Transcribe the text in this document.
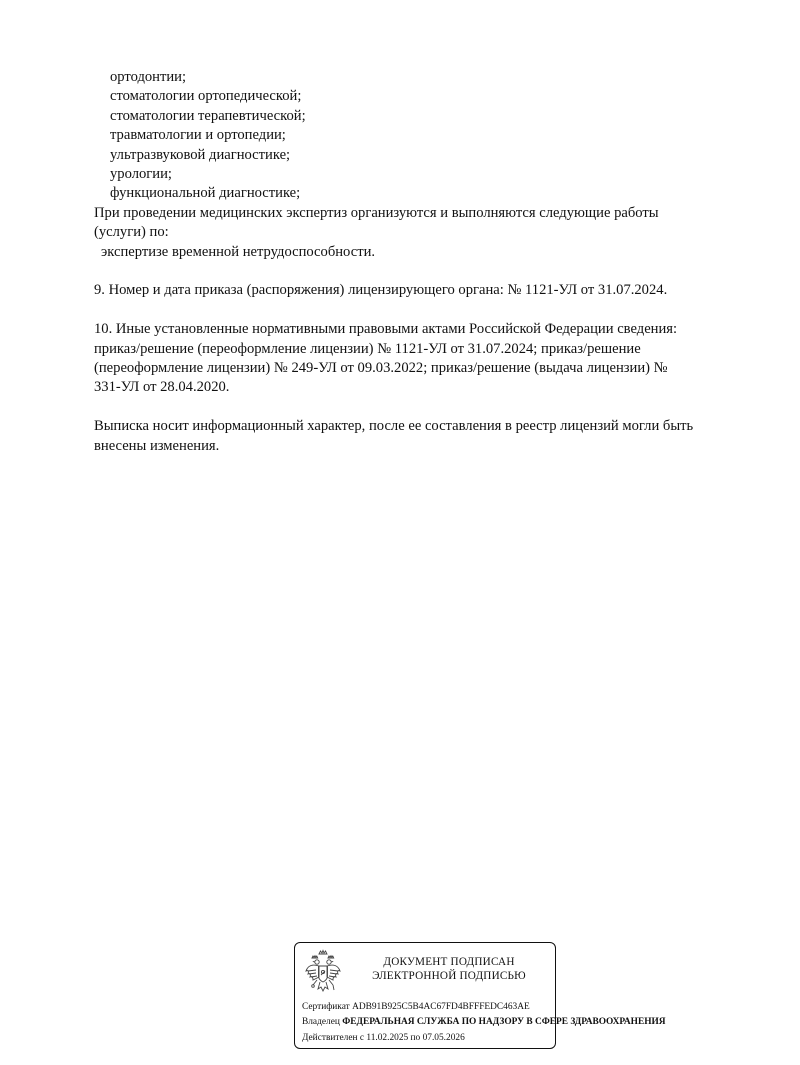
ортодонтии;
стоматологии ортопедической;
стоматологии терапевтической;
травматологии и ортопедии;
ультразвуковой диагностике;
урологии;
функциональной диагностике;
При проведении медицинских экспертиз организуются и выполняются следующие работы
(услуги) по:
экспертизе временной нетрудоспособности.
9. Номер и дата приказа (распоряжения) лицензирующего органа: № 1121-УЛ от 31.07.2024.
10. Иные установленные нормативными правовыми актами Российской Федерации сведения:
приказ/решение (переоформление лицензии) № 1121-УЛ от 31.07.2024; приказ/решение
(переоформление лицензии) № 249-УЛ от 09.03.2022; приказ/решение (выдача лицензии) №
331-УЛ от 28.04.2020.
Выписка носит информационный характер, после ее составления в реестр лицензий могли быть
внесены изменения.
ДОКУМЕНТ ПОДПИСАН
ЭЛЕКТРОННОЙ ПОДПИСЬЮ
Сертификат ADB91B925C5B4AC67FD4BFFFEDC463AE
Владелец ФЕДЕРАЛЬНАЯ СЛУЖБА ПО НАДЗОРУ В СФЕРЕ ЗДРАВООХРАНЕНИЯ
Действителен с 11.02.2025 по 07.05.2026
